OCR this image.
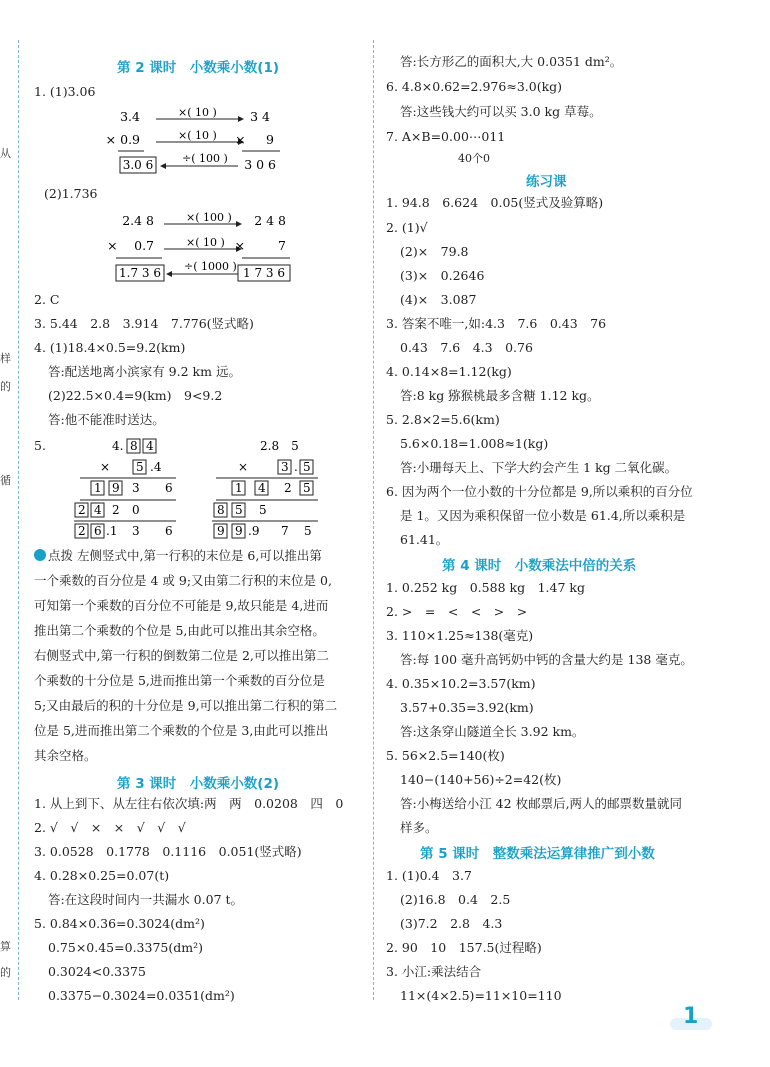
从
样
的
循
算
的
第 2 课时　小数乘小数(1)
1. (1)3.06
3.4
× 0.9
3.0 6
×( 10 )
×( 10 )
÷( 100 )
3 4
× 　 9
3 0 6
(2)1.736
2.4 8
× 　0.7
1.7 3 6
×( 100 )
×( 10 )
÷( 1000 )
2 4 8
× 　 　7
1 7 3 6
2. C
3. 5.44　2.8　3.914　7.776(竖式略)
4. (1)18.4×0.5=9.2(km)
答:配送地离小滨家有 9.2 km 远。
(2)22.5×0.4=9(km)　9<9.2
答:他不能准时送达。
5.	4. 8 4
× 5 .4
1 9 3 6
2 4 2 0
2 6 .1 3 6
2.8　5
×	3 . 5
1 4 2 5
8 5 5
9 9 .9 7 5
点拨 左侧竖式中,第一行积的末位是 6,可以推出第
一个乘数的百分位是 4 或 9;又由第二行积的末位是 0,
可知第一个乘数的百分位不可能是 9,故只能是 4,进而
推出第二个乘数的个位是 5,由此可以推出其余空格。
右侧竖式中,第一行积的倒数第二位是 2,可以推出第二
个乘数的十分位是 5,进而推出第一个乘数的百分位是
5;又由最后的积的十分位是 9,可以推出第二行积的第二
位是 5,进而推出第二个乘数的个位是 3,由此可以推出
其余空格。
第 3 课时　小数乘小数(2)
1. 从上到下、从左往右依次填:两　两　0.0208　四　0
2. √　√　×　×　√　√　√
3. 0.0528　0.1778　0.1116　0.051(竖式略)
4. 0.28×0.25=0.07(t)
答:在这段时间内一共漏水 0.07 t。
5. 0.84×0.36=0.3024(dm²)
0.75×0.45=0.3375(dm²)
0.3024<0.3375
0.3375−0.3024=0.0351(dm²)
答:长方形乙的面积大,大 0.0351 dm²。
6. 4.8×0.62=2.976≈3.0(kg)
答:这些钱大约可以买 3.0 kg 草莓。
7. A×B=0.00⋯011
40个0
练习课
1. 94.8　6.624　0.05(竖式及验算略)
2. (1)√
(2)×　79.8
(3)×　0.2646
(4)×　3.087
3. 答案不唯一,如:4.3　7.6　0.43　76
0.43　7.6　4.3　0.76
4. 0.14×8=1.12(kg)
答:8 kg 猕猴桃最多含糖 1.12 kg。
5. 2.8×2=5.6(km)
5.6×0.18=1.008≈1(kg)
答:小珊每天上、下学大约会产生 1 kg 二氧化碳。
6. 因为两个一位小数的十分位都是 9,所以乘积的百分位
是 1。又因为乘积保留一位小数是 61.4,所以乘积是
61.41。
第 4 课时　小数乘法中倍的关系
1. 0.252 kg　0.588 kg　1.47 kg
2. >　=　<　<　>　>
3. 110×1.25≈138(毫克)
答:每 100 毫升高钙奶中钙的含量大约是 138 毫克。
4. 0.35×10.2=3.57(km)
3.57+0.35=3.92(km)
答:这条穿山隧道全长 3.92 km。
5. 56×2.5=140(枚)
140−(140+56)÷2=42(枚)
答:小梅送给小江 42 枚邮票后,两人的邮票数量就同
样多。
第 5 课时　整数乘法运算律推广到小数
1. (1)0.4　3.7
(2)16.8　0.4　2.5
(3)7.2　2.8　4.3
2. 90　10　157.5(过程略)
3. 小江:乘法结合
11×(4×2.5)=11×10=110
1
